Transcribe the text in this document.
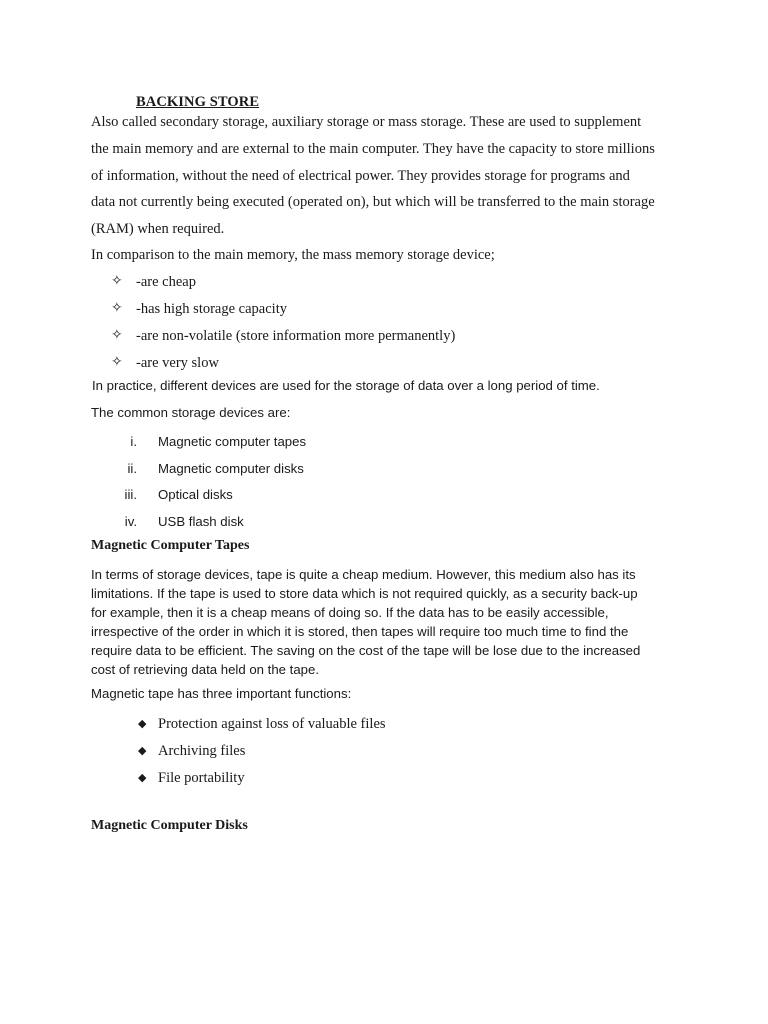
BACKING STORE
Also called secondary storage, auxiliary storage or mass storage. These are used to supplement
the main memory and are external to the main computer. They have the capacity to store millions
of information, without the need of electrical power. They provides storage for programs and
data not currently being executed (operated on), but which will be transferred to the main storage
(RAM) when required.

In comparison to the main memory, the mass memory storage device;

✧ -are cheap
✧ -has high storage capacity
✧ -are non-volatile (store information more permanently)
✧ -are very slow

In practice, different devices are used for the storage of data over a long period of time.

The common storage devices are:

i. Magnetic computer tapes
ii. Magnetic computer disks
iii. Optical disks
iv. USB flash disk
Magnetic Computer Tapes
In terms of storage devices, tape is quite a cheap medium. However, this medium also has its
limitations. If the tape is used to store data which is not required quickly, as a security back-up
for example, then it is a cheap means of doing so. If the data has to be easily accessible,
irrespective of the order in which it is stored, then tapes will require too much time to find the
require data to be efficient. The saving on the cost of the tape will be lose due to the increased
cost of retrieving data held on the tape.

Magnetic tape has three important functions:

◆ Protection against loss of valuable files
◆ Archiving files
◆ File portability
Magnetic Computer Disks
